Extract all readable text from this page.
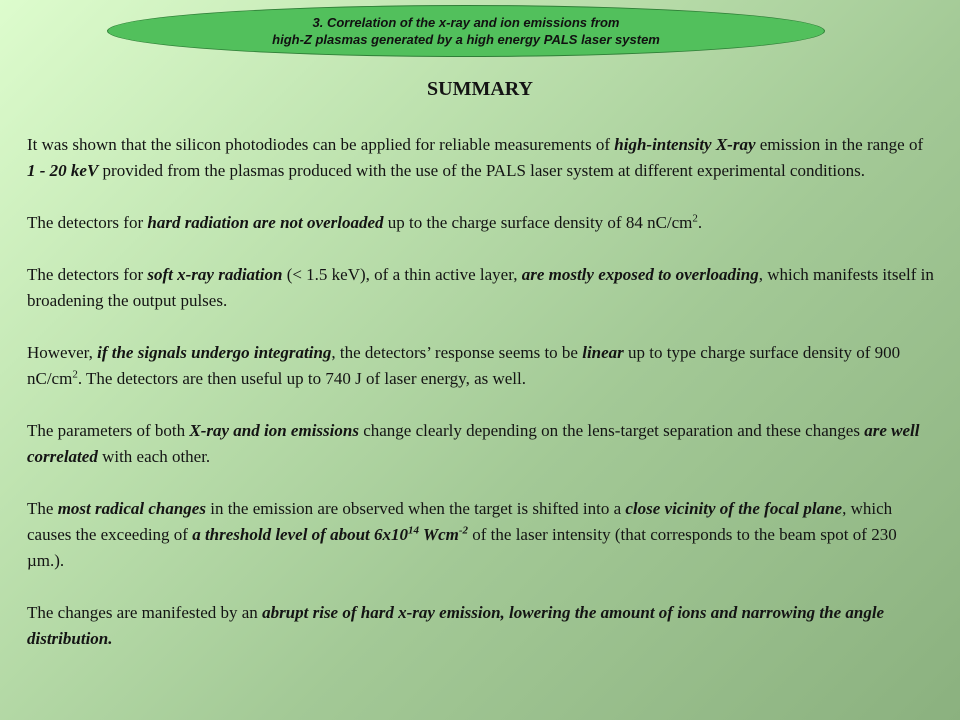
3. Correlation of the x-ray and ion emissions from
high-Z plasmas generated by a high energy PALS laser system
SUMMARY

It was shown that the silicon photodiodes can be applied for reliable measurements of high-intensity X-ray emission in the range of 1 - 20 keV provided from the plasmas produced with the use of the PALS laser system at different experimental conditions.

The detectors for hard radiation are not overloaded up to the charge surface density of 84 $nC/cm^2$.

The detectors for soft x-ray radiation (< 1.5 keV), of a thin active layer, are mostly exposed to overloading, which manifests itself in broadening the output pulses.

However, if the signals undergo integrating, the detectors’ response seems to be linear up to type charge surface density of 900 $nC/cm^2$. The detectors are then useful up to 740 J of laser energy, as well.

The parameters of both X-ray and ion emissions change clearly depending on the lens-target separation and these changes are well correlated with each other.

The most radical changes in the emission are observed when the target is shifted into a close vicinity of the focal plane, which causes the exceeding of a threshold level of about $6x10^{14}$ Wcm$^{-2}$ of the laser intensity (that corresponds to the beam spot of 230 µm.).

The changes are manifested by an abrupt rise of hard x-ray emission, lowering the amount of ions and narrowing the angle distribution.
